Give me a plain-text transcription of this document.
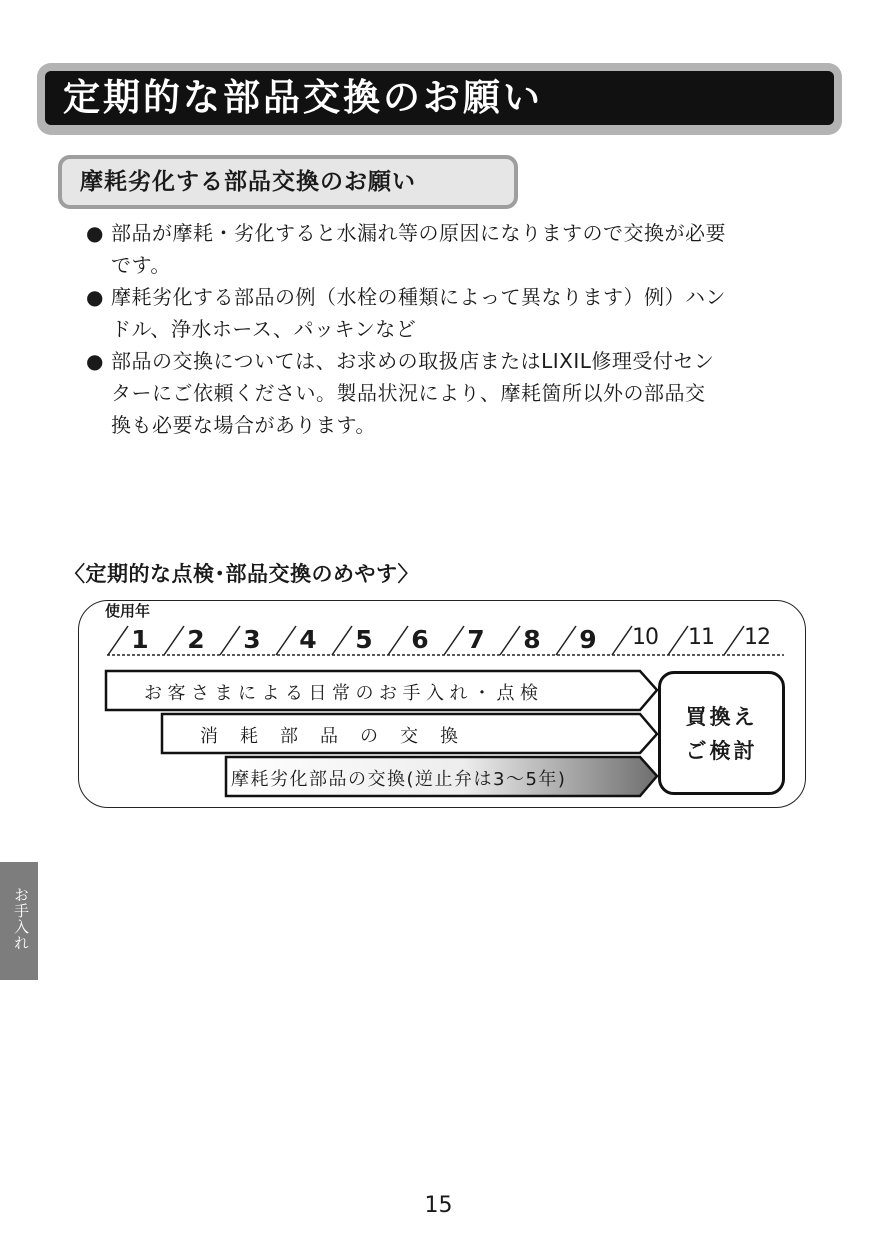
定期的な部品交換のお願い
摩耗劣化する部品交換のお願い
● 部品が摩耗・劣化すると水漏れ等の原因になりますので交換が必要
です。
● 摩耗劣化する部品の例（水栓の種類によって異なります）例）ハン
ドル、浄水ホース、パッキンなど
● 部品の交換については、お求めの取扱店またはLIXIL修理受付セン
ターにご依頼ください。製品状況により、摩耗箇所以外の部品交
換も必要な場合があります。
〈定期的な点検･部品交換のめやす〉
使用年
1	2	3	4	5	6	7	8	9	10 11 12
お客さまによる日常のお手入れ・点検
消　耗　部　品　の　交　換
摩耗劣化部品の交換(逆止弁は3〜5年)
買換え
ご検討
お手入れ
15
